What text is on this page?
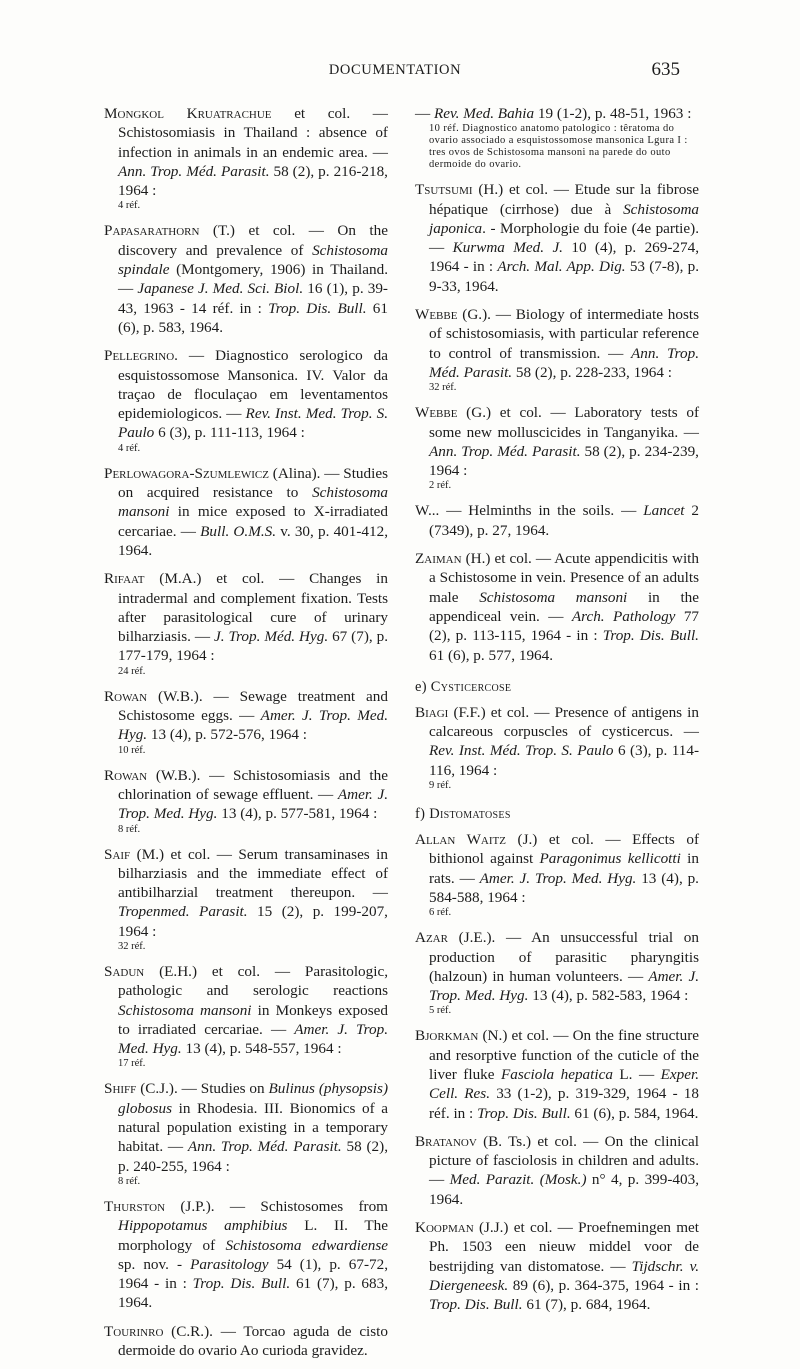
DOCUMENTATION	635

Mongkol Kruatrachue et col. — Schistosomiasis in Thailand : absence of infection in animals in an endemic area. — Ann. Trop. Méd. Parasit. 58 (2), p. 216-218, 1964 :
4 réf.

Papasarathorn (T.) et col. — On the discovery and prevalence of Schistosoma spindale (Montgomery, 1906) in Thailand. — Japanese J. Med. Sci. Biol. 16 (1), p. 39-43, 1963 - 14 réf. in : Trop. Dis. Bull. 61 (6), p. 583, 1964.

Pellegrino. — Diagnostico serologico da esquistossomose Mansonica. IV. Valor da traçao de floculaçao em leventamentos epidemiologicos. — Rev. Inst. Med. Trop. S. Paulo 6 (3), p. 111-113, 1964 :
4 réf.

Perlowagora-Szumlewicz (Alina). — Studies on acquired resistance to Schistosoma mansoni in mice exposed to X-irradiated cercariae. — Bull. O.M.S. v. 30, p. 401-412, 1964.

Rifaat (M.A.) et col. — Changes in intradermal and complement fixation. Tests after parasitological cure of urinary bilharziasis. — J. Trop. Méd. Hyg. 67 (7), p. 177-179, 1964 :
24 réf.

Rowan (W.B.). — Sewage treatment and Schistosome eggs. — Amer. J. Trop. Med. Hyg. 13 (4), p. 572-576, 1964 :
10 réf.

Rowan (W.B.). — Schistosomiasis and the chlorination of sewage effluent. — Amer. J. Trop. Med. Hyg. 13 (4), p. 577-581, 1964 :
8 réf.

Saif (M.) et col. — Serum transaminases in bilharziasis and the immediate effect of antibilharzial treatment thereupon. — Tropenmed. Parasit. 15 (2), p. 199-207, 1964 :
32 réf.

Sadun (E.H.) et col. — Parasitologic, pathologic and serologic reactions Schistosoma mansoni in Monkeys exposed to irradiated cercariae. — Amer. J. Trop. Med. Hyg. 13 (4), p. 548-557, 1964 :
17 réf.

Shiff (C.J.). — Studies on Bulinus (physopsis) globosus in Rhodesia. III. Bionomics of a natural population existing in a temporary habitat. — Ann. Trop. Méd. Parasit. 58 (2), p. 240-255, 1964 :
8 réf.

Thurston (J.P.). — Schistosomes from Hippopotamus amphibius L. II. The morphology of Schistosoma edwardiense sp. nov. - Parasitology 54 (1), p. 67-72, 1964 - in : Trop. Dis. Bull. 61 (7), p. 683, 1964.

Tourinro (C.R.). — Torcao aguda de cisto dermoide do ovario Ao curioda gravidez.

— Rev. Med. Bahia 19 (1-2), p. 48-51, 1963 :
10 réf. Diagnostico anatomo patologico : têratoma do ovario associado a esquistossomose mansonica Lgura I : tres ovos de Schistosoma mansoni na parede do outo dermoide do ovario.

Tsutsumi (H.) et col. — Etude sur la fibrose hépatique (cirrhose) due à Schistosoma japonica. - Morphologie du foie (4e partie). — Kurwma Med. J. 10 (4), p. 269-274, 1964 - in : Arch. Mal. App. Dig. 53 (7-8), p. 9-33, 1964.

Webbe (G.). — Biology of intermediate hosts of schistosomiasis, with particular reference to control of transmission. — Ann. Trop. Méd. Parasit. 58 (2), p. 228-233, 1964 :
32 réf.

Webbe (G.) et col. — Laboratory tests of some new molluscicides in Tanganyika. — Ann. Trop. Méd. Parasit. 58 (2), p. 234-239, 1964 :
2 réf.

W... — Helminths in the soils. — Lancet 2 (7349), p. 27, 1964.

Zaiman (H.) et col. — Acute appendicitis with a Schistosome in vein. Presence of an adults male Schistosoma mansoni in the appendiceal vein. — Arch. Pathology 77 (2), p. 113-115, 1964 - in : Trop. Dis. Bull. 61 (6), p. 577, 1964.

e) Cysticercose

Biagi (F.F.) et col. — Presence of antigens in calcareous corpuscles of cysticercus. — Rev. Inst. Méd. Trop. S. Paulo 6 (3), p. 114-116, 1964 :
9 réf.

f) Distomatoses

Allan Waitz (J.) et col. — Effects of bithionol against Paragonimus kellicotti in rats. — Amer. J. Trop. Med. Hyg. 13 (4), p. 584-588, 1964 :
6 réf.

Azar (J.E.). — An unsuccessful trial on production of parasitic pharyngitis (halzoun) in human volunteers. — Amer. J. Trop. Med. Hyg. 13 (4), p. 582-583, 1964 :
5 réf.

Bjorkman (N.) et col. — On the fine structure and resorptive function of the cuticle of the liver fluke Fasciola hepatica L. — Exper. Cell. Res. 33 (1-2), p. 319-329, 1964 - 18 réf. in : Trop. Dis. Bull. 61 (6), p. 584, 1964.

Bratanov (B. Ts.) et col. — On the clinical picture of fasciolosis in children and adults. — Med. Parazit. (Mosk.) n° 4, p. 399-403, 1964.

Koopman (J.J.) et col. — Proefnemingen met Ph. 1503 een nieuw middel voor de bestrijding van distomatose. — Tijdschr. v. Diergeneesk. 89 (6), p. 364-375, 1964 - in : Trop. Dis. Bull. 61 (7), p. 684, 1964.
